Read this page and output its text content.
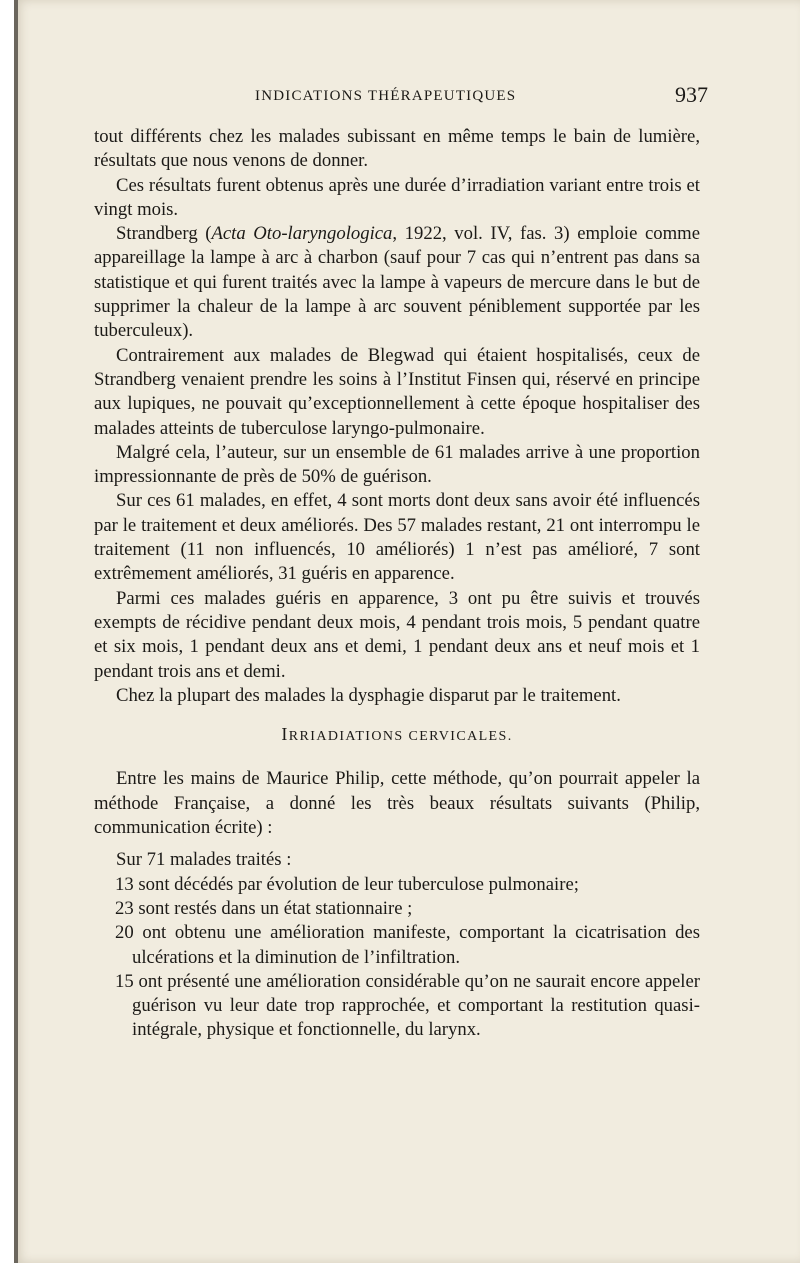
INDICATIONS THÉRAPEUTIQUES	937

tout différents chez les malades subissant en même temps le bain de lumière, résultats que nous venons de donner.

Ces résultats furent obtenus après une durée d’irradiation variant entre trois et vingt mois.

Strandberg (Acta Oto-laryngologica, 1922, vol. IV, fas. 3) emploie comme appareillage la lampe à arc à charbon (sauf pour 7 cas qui n’entrent pas dans sa statistique et qui furent traités avec la lampe à vapeurs de mercure dans le but de supprimer la chaleur de la lampe à arc souvent péniblement supportée par les tuberculeux).

Contrairement aux malades de Blegwad qui étaient hospitalisés, ceux de Strandberg venaient prendre les soins à l’Institut Finsen qui, réservé en principe aux lupiques, ne pouvait qu’exceptionnellement à cette époque hospitaliser des malades atteints de tuberculose laryngo-pulmonaire.

Malgré cela, l’auteur, sur un ensemble de 61 malades arrive à une proportion impressionnante de près de 50% de guérison.

Sur ces 61 malades, en effet, 4 sont morts dont deux sans avoir été influencés par le traitement et deux améliorés. Des 57 malades restant, 21 ont interrompu le traitement (11 non influencés, 10 améliorés) 1 n’est pas amélioré, 7 sont extrêmement améliorés, 31 guéris en apparence.

Parmi ces malades guéris en apparence, 3 ont pu être suivis et trouvés exempts de récidive pendant deux mois, 4 pendant trois mois, 5 pendant quatre et six mois, 1 pendant deux ans et demi, 1 pendant deux ans et neuf mois et 1 pendant trois ans et demi.

Chez la plupart des malades la dysphagie disparut par le traitement.

IRRIADIATIONS CERVICALES.

Entre les mains de Maurice Philip, cette méthode, qu’on pourrait appeler la méthode Française, a donné les très beaux résultats suivants (Philip, communication écrite) :

Sur 71 malades traités :

13 sont décédés par évolution de leur tuberculose pulmonaire;
23 sont restés dans un état stationnaire ;
20 ont obtenu une amélioration manifeste, comportant la cicatrisation des ulcérations et la diminution de l’infiltration.
15 ont présenté une amélioration considérable qu’on ne saurait encore appeler guérison vu leur date trop rapprochée, et comportant la restitution quasi-intégrale, physique et fonctionnelle, du larynx.
